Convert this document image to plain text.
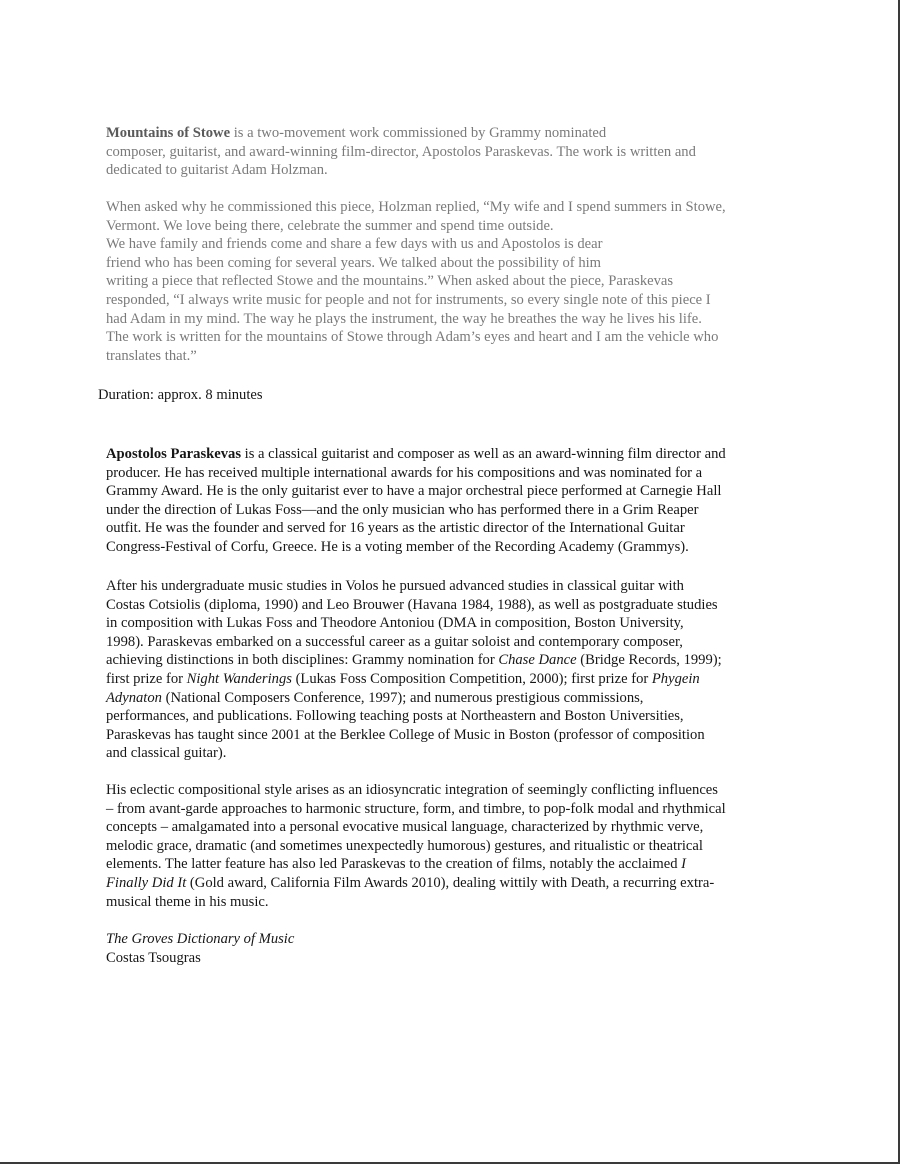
Mountains of Stowe is a two-movement work commissioned by Grammy nominated
composer, guitarist, and award-winning film-director, Apostolos Paraskevas. The work is written and
dedicated to guitarist Adam Holzman.
When asked why he commissioned this piece, Holzman replied, “My wife and I spend summers in Stowe,
Vermont. We love being there, celebrate the summer and spend time outside.
We have family and friends come and share a few days with us and Apostolos is dear
friend who has been coming for several years. We talked about the possibility of him
writing a piece that reflected Stowe and the mountains.” When asked about the piece, Paraskevas
responded, “I always write music for people and not for instruments, so every single note of this piece I
had Adam in my mind. The way he plays the instrument, the way he breathes the way he lives his life.
The work is written for the mountains of Stowe through Adam’s eyes and heart and I am the vehicle who
translates that.”
Duration: approx. 8 minutes
Apostolos Paraskevas is a classical guitarist and composer as well as an award-winning film director and
producer. He has received multiple international awards for his compositions and was nominated for a
Grammy Award. He is the only guitarist ever to have a major orchestral piece performed at Carnegie Hall
under the direction of Lukas Foss—and the only musician who has performed there in a Grim Reaper
outfit. He was the founder and served for 16 years as the artistic director of the International Guitar
Congress-Festival of Corfu, Greece. He is a voting member of the Recording Academy (Grammys).
After his undergraduate music studies in Volos he pursued advanced studies in classical guitar with
Costas Cotsiolis (diploma, 1990) and Leo Brouwer (Havana 1984, 1988), as well as postgraduate studies
in composition with Lukas Foss and Theodore Antoniou (DMA in composition, Boston University,
1998). Paraskevas embarked on a successful career as a guitar soloist and contemporary composer,
achieving distinctions in both disciplines: Grammy nomination for Chase Dance (Bridge Records, 1999);
first prize for Night Wanderings (Lukas Foss Composition Competition, 2000); first prize for Phygein
Adynaton (National Composers Conference, 1997); and numerous prestigious commissions,
performances, and publications. Following teaching posts at Northeastern and Boston Universities,
Paraskevas has taught since 2001 at the Berklee College of Music in Boston (professor of composition
and classical guitar).
His eclectic compositional style arises as an idiosyncratic integration of seemingly conflicting influences
– from avant-garde approaches to harmonic structure, form, and timbre, to pop-folk modal and rhythmical
concepts – amalgamated into a personal evocative musical language, characterized by rhythmic verve,
melodic grace, dramatic (and sometimes unexpectedly humorous) gestures, and ritualistic or theatrical
elements. The latter feature has also led Paraskevas to the creation of films, notably the acclaimed I
Finally Did It (Gold award, California Film Awards 2010), dealing wittily with Death, a recurring extra-
musical theme in his music.
The Groves Dictionary of Music
Costas Tsougras
